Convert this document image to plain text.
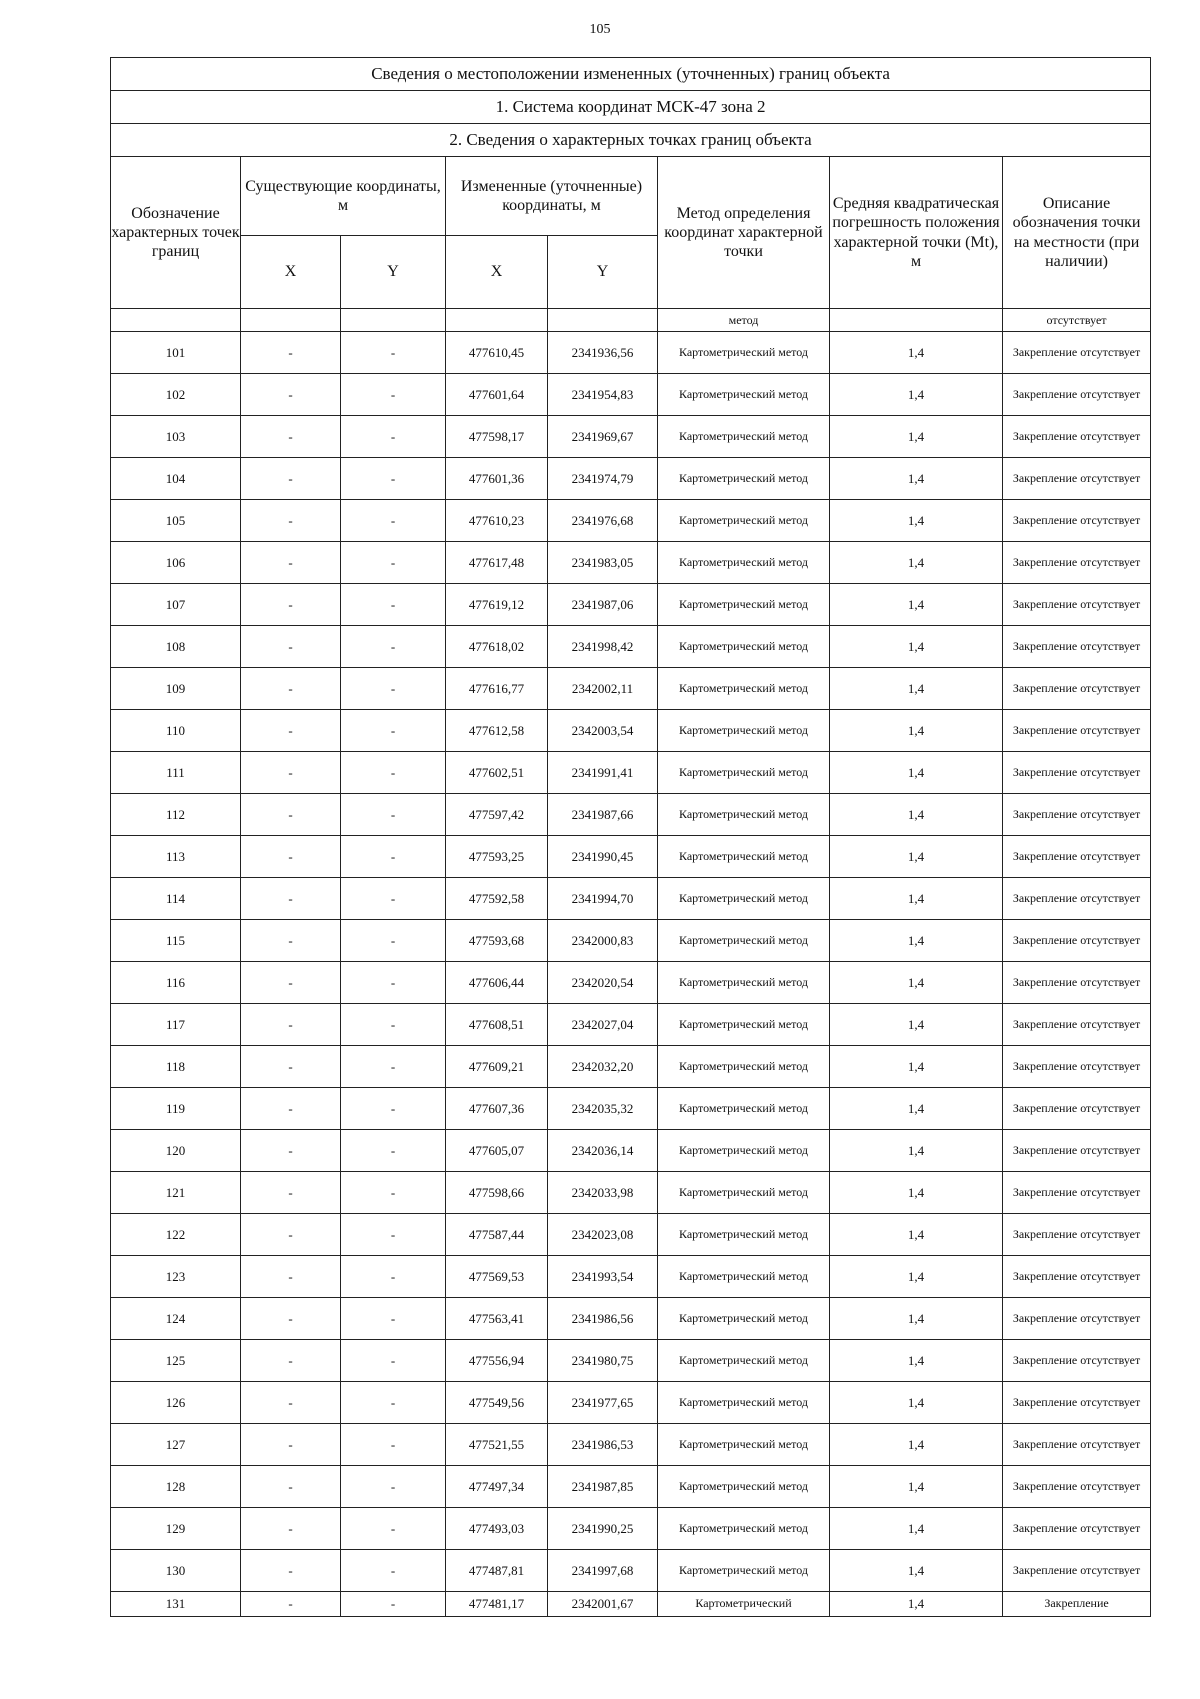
105
Сведения о местоположении измененных (уточненных) границ объекта							
1. Система координат МСК-47 зона 2							
2. Сведения о характерных точках границ объекта							
Обозначение характерных точек границ	Существующие координаты, м		Измененные (уточненные) координаты, м		Метод определения координат характерной точки	Средняя квадратическая погрешность положения характерной точки (Mt), м	Описание обозначения точки на местности (при наличии)
	X	Y	X	Y			
					метод		отсутствует
101	-	-	477610,45	2341936,56	Картометрический метод	1,4	Закрепление отсутствует
102	-	-	477601,64	2341954,83	Картометрический метод	1,4	Закрепление отсутствует
103	-	-	477598,17	2341969,67	Картометрический метод	1,4	Закрепление отсутствует
104	-	-	477601,36	2341974,79	Картометрический метод	1,4	Закрепление отсутствует
105	-	-	477610,23	2341976,68	Картометрический метод	1,4	Закрепление отсутствует
106	-	-	477617,48	2341983,05	Картометрический метод	1,4	Закрепление отсутствует
107	-	-	477619,12	2341987,06	Картометрический метод	1,4	Закрепление отсутствует
108	-	-	477618,02	2341998,42	Картометрический метод	1,4	Закрепление отсутствует
109	-	-	477616,77	2342002,11	Картометрический метод	1,4	Закрепление отсутствует
110	-	-	477612,58	2342003,54	Картометрический метод	1,4	Закрепление отсутствует
111	-	-	477602,51	2341991,41	Картометрический метод	1,4	Закрепление отсутствует
112	-	-	477597,42	2341987,66	Картометрический метод	1,4	Закрепление отсутствует
113	-	-	477593,25	2341990,45	Картометрический метод	1,4	Закрепление отсутствует
114	-	-	477592,58	2341994,70	Картометрический метод	1,4	Закрепление отсутствует
115	-	-	477593,68	2342000,83	Картометрический метод	1,4	Закрепление отсутствует
116	-	-	477606,44	2342020,54	Картометрический метод	1,4	Закрепление отсутствует
117	-	-	477608,51	2342027,04	Картометрический метод	1,4	Закрепление отсутствует
118	-	-	477609,21	2342032,20	Картометрический метод	1,4	Закрепление отсутствует
119	-	-	477607,36	2342035,32	Картометрический метод	1,4	Закрепление отсутствует
120	-	-	477605,07	2342036,14	Картометрический метод	1,4	Закрепление отсутствует
121	-	-	477598,66	2342033,98	Картометрический метод	1,4	Закрепление отсутствует
122	-	-	477587,44	2342023,08	Картометрический метод	1,4	Закрепление отсутствует
123	-	-	477569,53	2341993,54	Картометрический метод	1,4	Закрепление отсутствует
124	-	-	477563,41	2341986,56	Картометрический метод	1,4	Закрепление отсутствует
125	-	-	477556,94	2341980,75	Картометрический метод	1,4	Закрепление отсутствует
126	-	-	477549,56	2341977,65	Картометрический метод	1,4	Закрепление отсутствует
127	-	-	477521,55	2341986,53	Картометрический метод	1,4	Закрепление отсутствует
128	-	-	477497,34	2341987,85	Картометрический метод	1,4	Закрепление отсутствует
129	-	-	477493,03	2341990,25	Картометрический метод	1,4	Закрепление отсутствует
130	-	-	477487,81	2341997,68	Картометрический метод	1,4	Закрепление отсутствует
131	-	-	477481,17	2342001,67	Картометрический	1,4	Закрепление
